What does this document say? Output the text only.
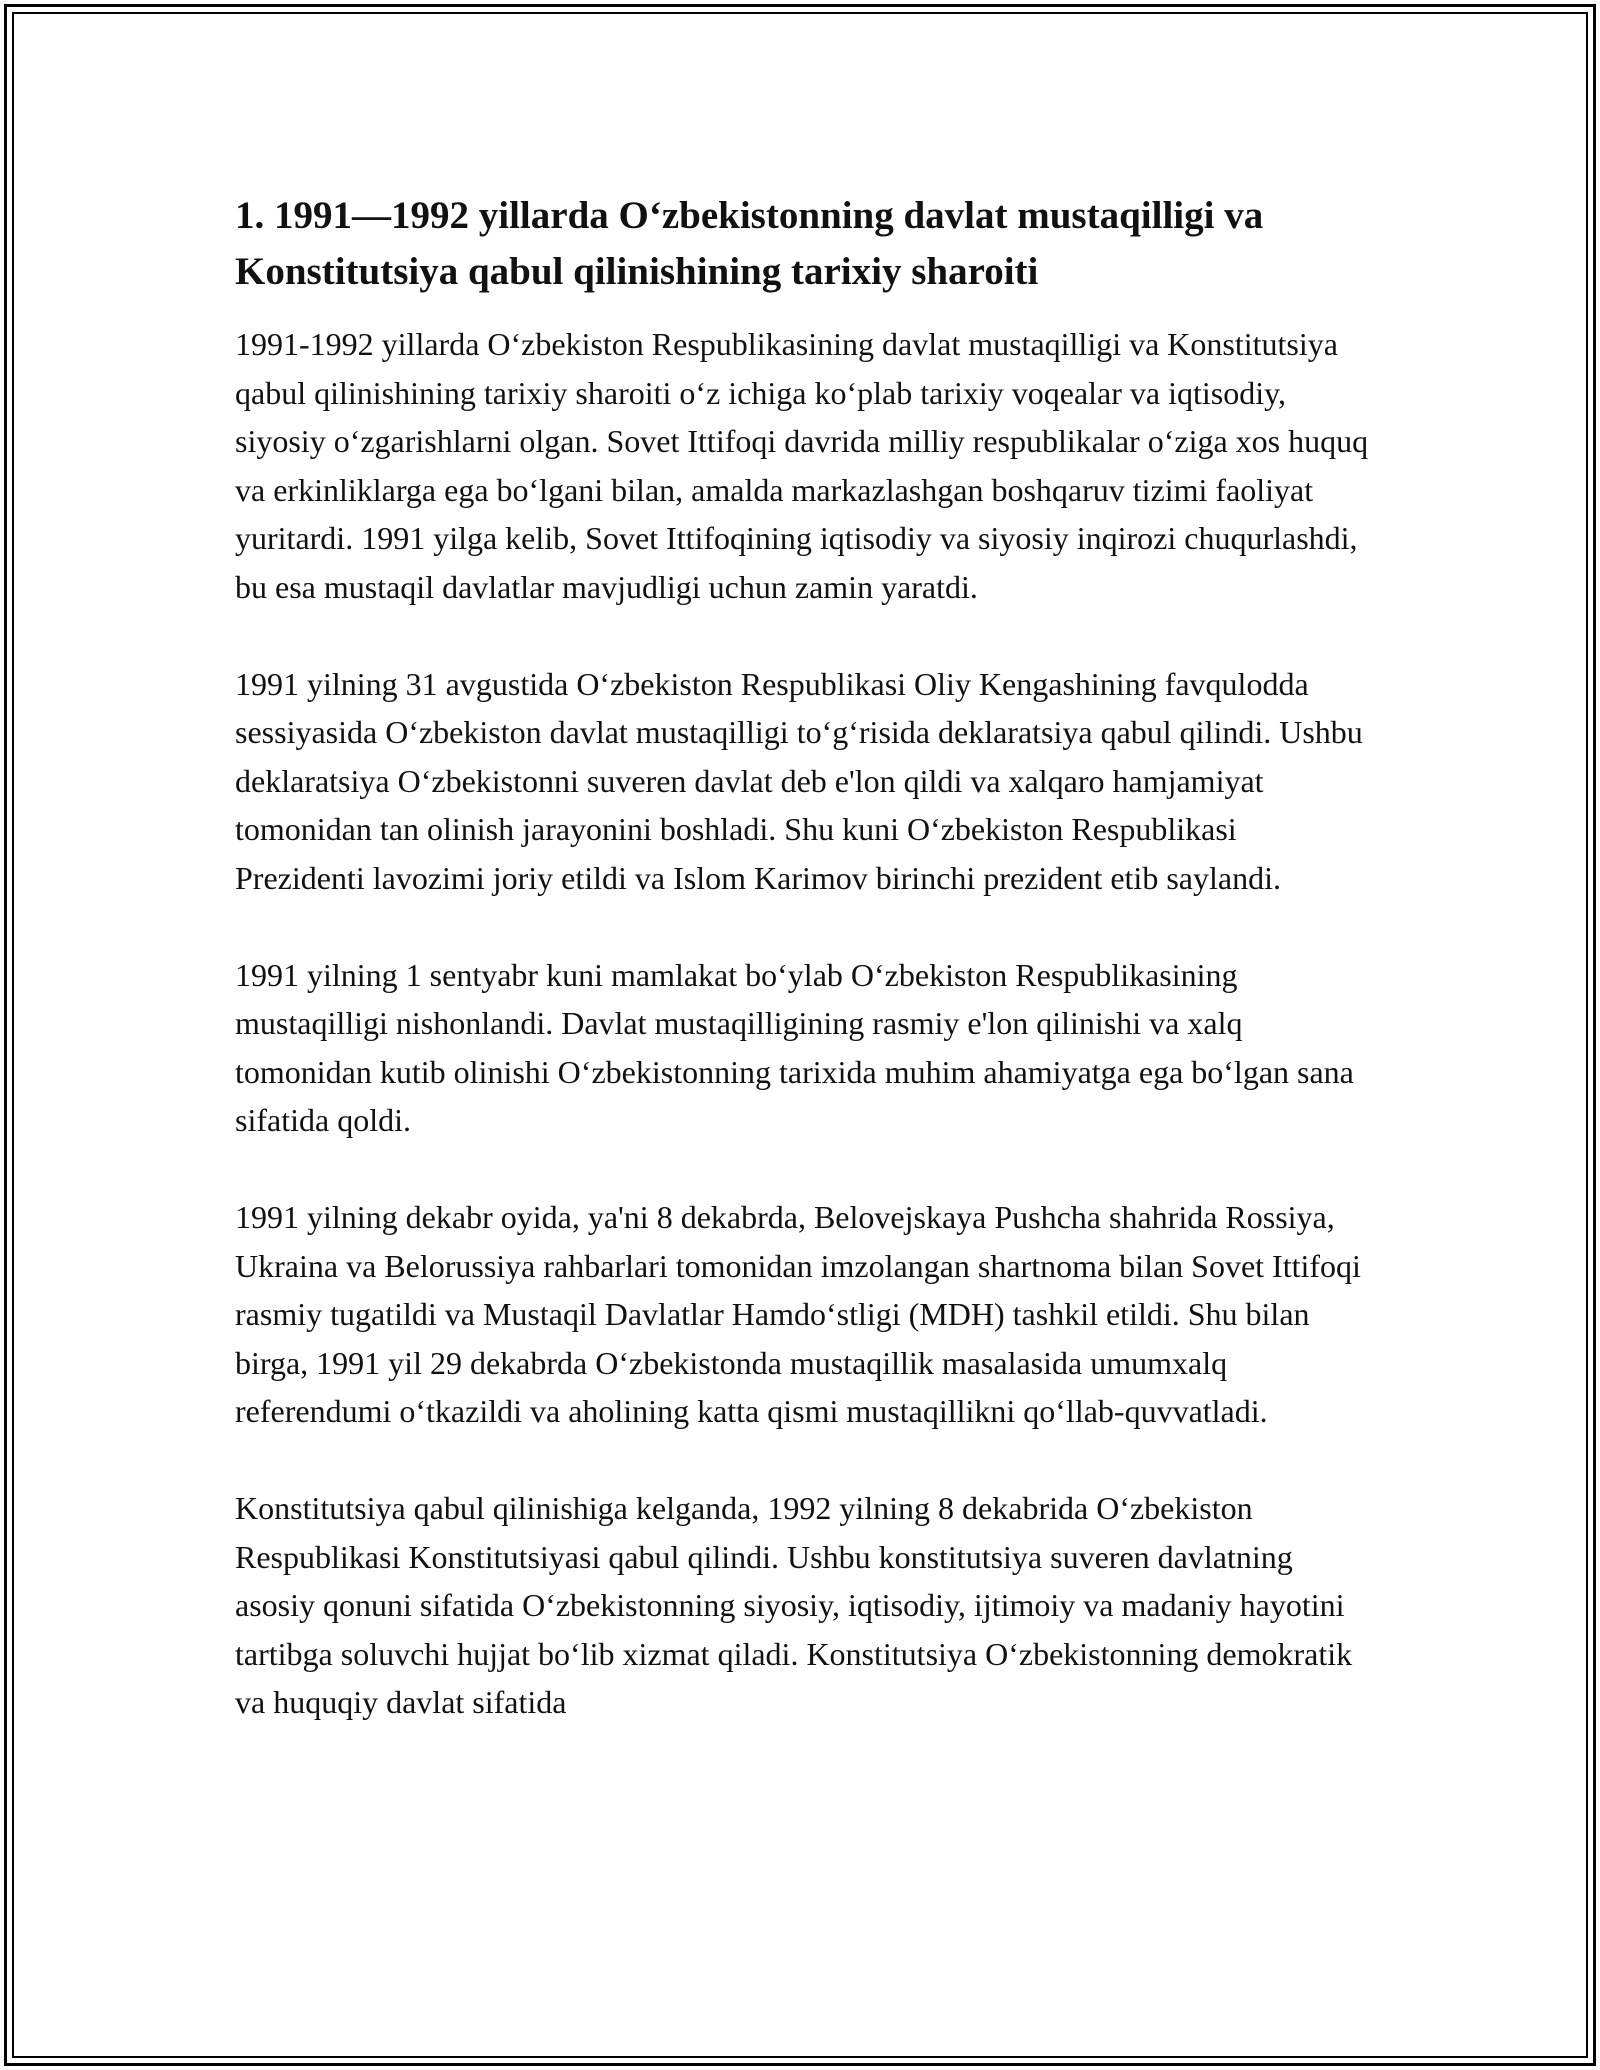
1. 1991—1992 yillarda O‘zbekistonning davlat mustaqilligi va Konstitutsiya qabul qilinishining tarixiy sharoiti

1991-1992 yillarda O‘zbekiston Respublikasining davlat mustaqilligi va Konstitutsiya qabul qilinishining tarixiy sharoiti o‘z ichiga ko‘plab tarixiy voqealar va iqtisodiy, siyosiy o‘zgarishlarni olgan. Sovet Ittifoqi davrida milliy respublikalar o‘ziga xos huquq va erkinliklarga ega bo‘lgani bilan, amalda markazlashgan boshqaruv tizimi faoliyat yuritardi. 1991 yilga kelib, Sovet Ittifoqining iqtisodiy va siyosiy inqirozi chuqurlashdi, bu esa mustaqil davlatlar mavjudligi uchun zamin yaratdi.

1991 yilning 31 avgustida O‘zbekiston Respublikasi Oliy Kengashining favqulodda sessiyasida O‘zbekiston davlat mustaqilligi to‘g‘risida deklaratsiya qabul qilindi. Ushbu deklaratsiya O‘zbekistonni suveren davlat deb e'lon qildi va xalqaro hamjamiyat tomonidan tan olinish jarayonini boshladi. Shu kuni O‘zbekiston Respublikasi Prezidenti lavozimi joriy etildi va Islom Karimov birinchi prezident etib saylandi.

1991 yilning 1 sentyabr kuni mamlakat bo‘ylab O‘zbekiston Respublikasining mustaqilligi nishonlandi. Davlat mustaqilligining rasmiy e'lon qilinishi va xalq tomonidan kutib olinishi O‘zbekistonning tarixida muhim ahamiyatga ega bo‘lgan sana sifatida qoldi.

1991 yilning dekabr oyida, ya'ni 8 dekabrda, Belovejskaya Pushcha shahrida Rossiya, Ukraina va Belorussiya rahbarlari tomonidan imzolangan shartnoma bilan Sovet Ittifoqi rasmiy tugatildi va Mustaqil Davlatlar Hamdo‘stligi (MDH) tashkil etildi. Shu bilan birga, 1991 yil 29 dekabrda O‘zbekistonda mustaqillik masalasida umumxalq referendumi o‘tkazildi va aholining katta qismi mustaqillikni qo‘llab-quvvatladi.

Konstitutsiya qabul qilinishiga kelganda, 1992 yilning 8 dekabrida O‘zbekiston Respublikasi Konstitutsiyasi qabul qilindi. Ushbu konstitutsiya suveren davlatning asosiy qonuni sifatida O‘zbekistonning siyosiy, iqtisodiy, ijtimoiy va madaniy hayotini tartibga soluvchi hujjat bo‘lib xizmat qiladi. Konstitutsiya O‘zbekistonning demokratik va huquqiy davlat sifatida
